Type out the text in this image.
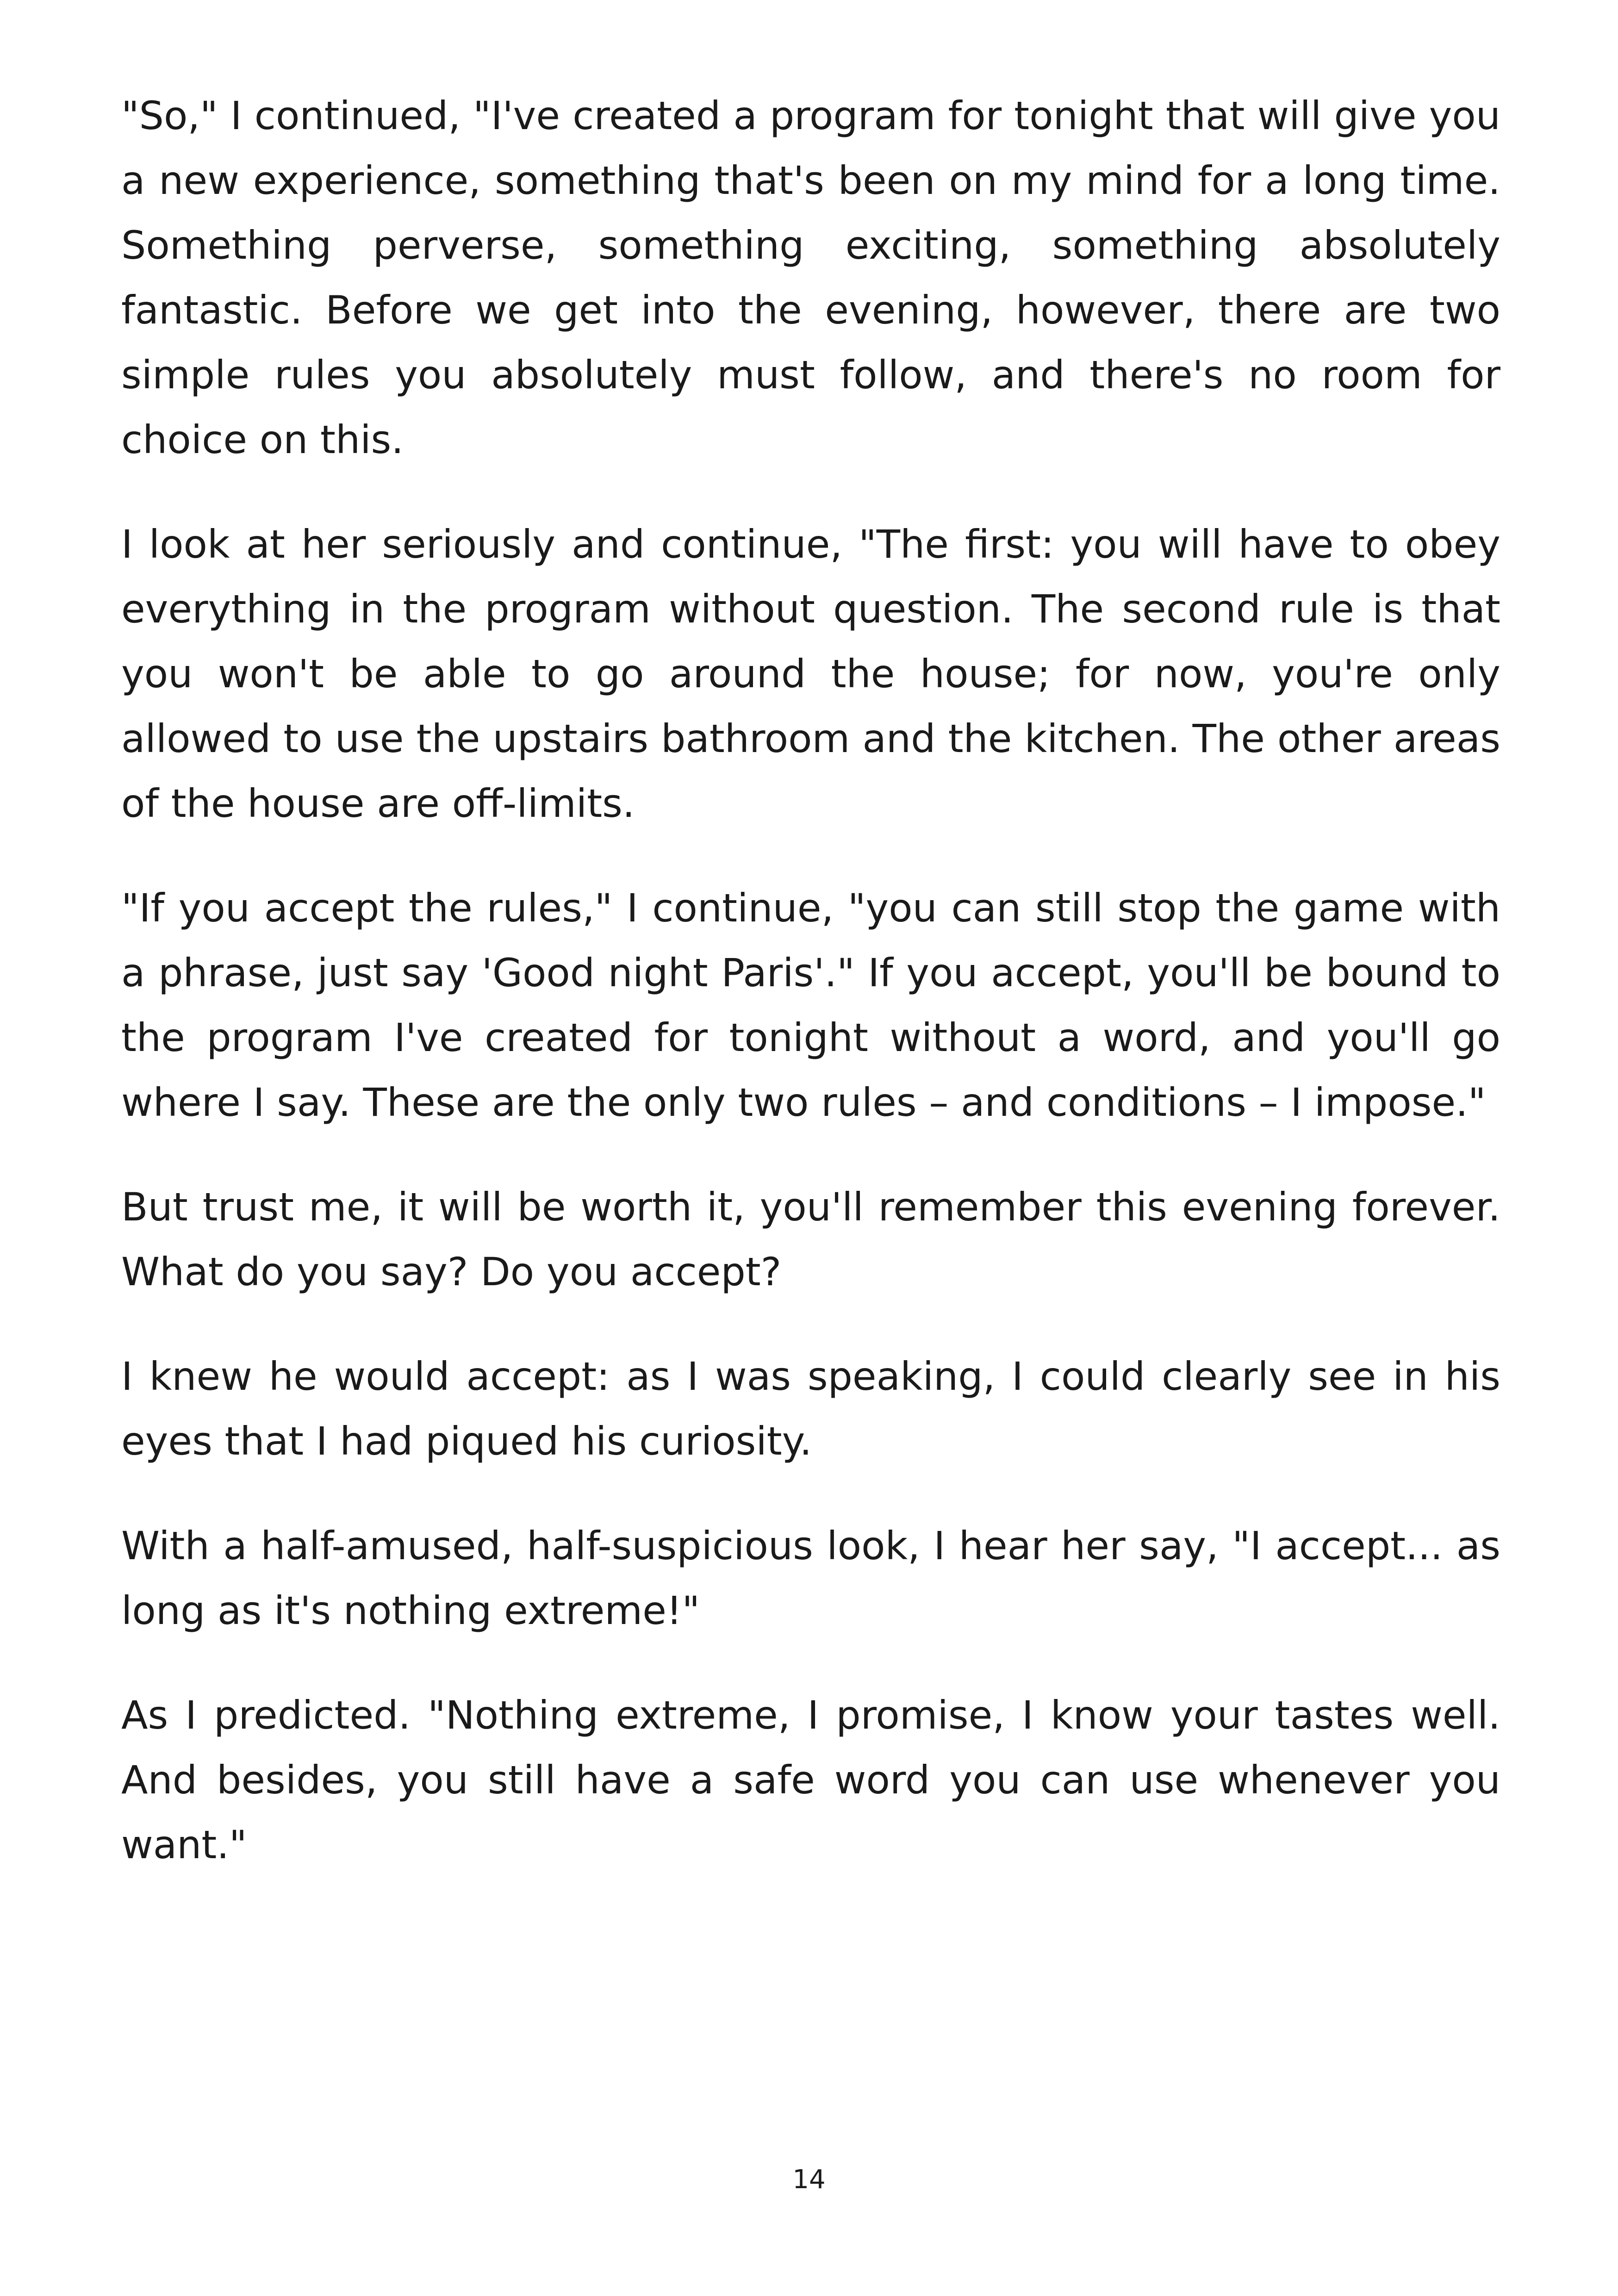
"So," I continued, "I've created a program for tonight that will give you a new experience, something that's been on my mind for a long time. Something perverse, something exciting, something absolutely fantastic. Before we get into the evening, however, there are two simple rules you absolutely must follow, and there's no room for choice on this.

I look at her seriously and continue, "The first: you will have to obey everything in the program without question. The second rule is that you won't be able to go around the house; for now, you're only allowed to use the upstairs bathroom and the kitchen. The other areas of the house are off-limits.

"If you accept the rules," I continue, "you can still stop the game with a phrase, just say 'Good night Paris'." If you accept, you'll be bound to the program I've created for tonight without a word, and you'll go where I say. These are the only two rules – and conditions – I impose."

But trust me, it will be worth it, you'll remember this evening forever. What do you say? Do you accept?

I knew he would accept: as I was speaking, I could clearly see in his eyes that I had piqued his curiosity.

With a half-amused, half-suspicious look, I hear her say, "I accept... as long as it's nothing extreme!"

As I predicted. "Nothing extreme, I promise, I know your tastes well. And besides, you still have a safe word you can use whenever you want."

14
